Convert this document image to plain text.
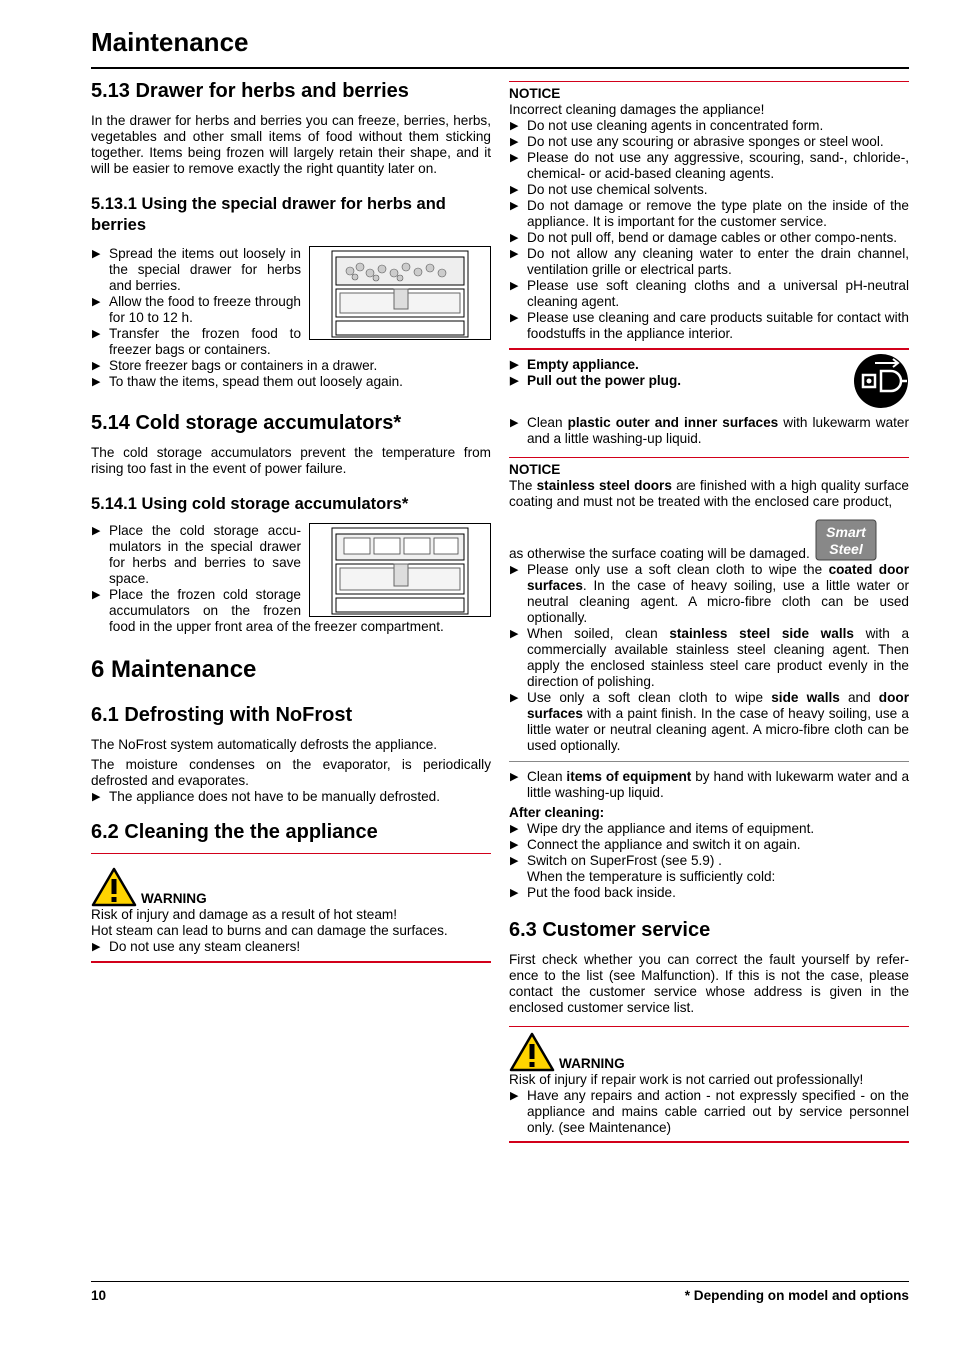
Maintenance
5.13 Drawer for herbs and berries

In the drawer for herbs and berries you can freeze, berries, herbs, vegetables and other small items of food without them sticking together. Items being frozen will largely retain their shape, and it will be easier to remove exactly the right quantity later on.

5.13.1 Using the special drawer for herbs and berries
▶ Spread the items out loosely in the special drawer for herbs and berries.
▶ Allow the food to freeze through for 10 to 12 h.
▶ Transfer the frozen food to freezer bags or containers.
▶ Store freezer bags or containers in a drawer.
▶ To thaw the items, spead them out loosely again.
5.14 Cold storage accumulators*

The cold storage accumulators prevent the temperature from rising too fast in the event of power failure.

5.14.1 Using cold storage accumulators*
▶ Place the cold storage accu-mulators in the special drawer for herbs and berries to save space.
▶ Place the frozen cold storage accumulators on the frozen food in the upper front area of the freezer compartment.
6 Maintenance
6.1 Defrosting with NoFrost

The NoFrost system automatically defrosts the appliance.

The moisture condenses on the evaporator, is periodically defrosted and evaporates.

▶ The appliance does not have to be manually defrosted.
6.2 Cleaning the the appliance
WARNING

Risk of injury and damage as a result of hot steam!

Hot steam can lead to burns and can damage the surfaces.

▶ Do not use any steam cleaners!

NOTICE

Incorrect cleaning damages the appliance!

▶ Do not use cleaning agents in concentrated form.
▶ Do not use any scouring or abrasive sponges or steel wool.
▶ Please do not use any aggressive, scouring, sand-, chloride-, chemical- or acid-based cleaning agents.
▶ Do not use chemical solvents.
▶ Do not damage or remove the type plate on the inside of the appliance. It is important for the customer service.
▶ Do not pull off, bend or damage cables or other compo-nents.
▶ Do not allow any cleaning water to enter the drain channel, ventilation grille or electrical parts.
▶ Please use soft cleaning cloths and a universal pH-neutral cleaning agent.
▶ Please use cleaning and care products suitable for contact with foodstuffs in the appliance interior.
▶ Empty appliance.
▶ Pull out the power plug.
▶ Clean plastic outer and inner surfaces with lukewarm water and a little washing-up liquid.

NOTICE

The stainless steel doors are finished with a high quality surface coating and must not be treated with the enclosed care product,

as otherwise the surface coating will be damaged.
Smart
Steel
▶ Please only use a soft clean cloth to wipe the coated door surfaces. In the case of heavy soiling, use a little water or neutral cleaning agent. A micro-fibre cloth can be used optionally.
▶ When soiled, clean stainless steel side walls with a commercially available stainless steel cleaning agent. Then apply the enclosed stainless steel care product evenly in the direction of polishing.
▶ Use only a soft clean cloth to wipe side walls and door surfaces with a paint finish. In the case of heavy soiling, use a little water or neutral cleaning agent. A micro-fibre cloth can be used optionally.
▶ Clean items of equipment by hand with lukewarm water and a little washing-up liquid.

After cleaning:

▶ Wipe dry the appliance and items of equipment.
▶ Connect the appliance and switch it on again.
▶ Switch on SuperFrost (see 5.9) .

When the temperature is sufficiently cold:

▶ Put the food back inside.
6.3 Customer service

First check whether you can correct the fault yourself by refer-ence to the list (see Malfunction). If this is not the case, please contact the customer service whose address is given in the enclosed customer service list.

WARNING

Risk of injury if repair work is not carried out professionally!

▶ Have any repairs and action - not expressly specified - on the appliance and mains cable carried out by service personnel only. (see Maintenance)
10	* Depending on model and options
